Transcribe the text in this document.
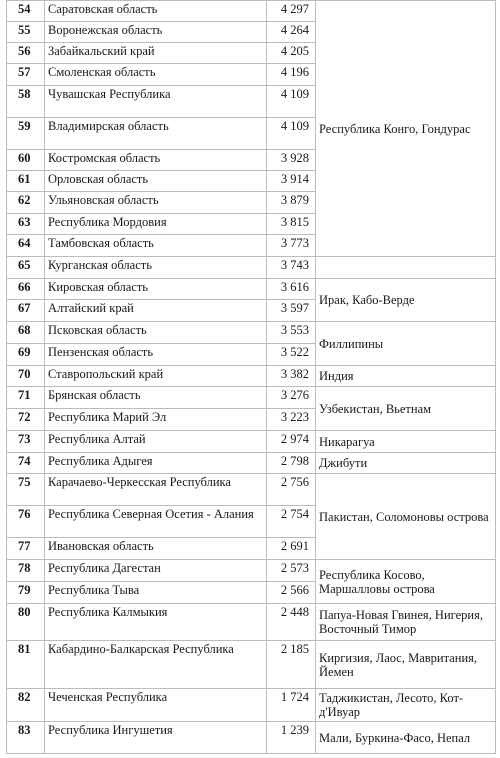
54	Саратовская область	4 297	Республика Конго, Гондурас
55	Воронежская область	4 264	
56	Забайкальский край	4 205	
57	Смоленская область	4 196	
58	Чувашская Республика	4 109	
59	Владимирская область	4 109	
60	Костромская область	3 928	
61	Орловская область	3 914	
62	Ульяновская область	3 879	
63	Республика Мордовия	3 815	
64	Тамбовская область	3 773	
65	Курганская область	3 743	
66	Кировская область	3 616	Ирак, Кабо-Верде
67	Алтайский край	3 597	
68	Псковская область	3 553	Филлипины
69	Пензенская область	3 522	
70	Ставропольский край	3 382	Индия
71	Брянская область	3 276	Узбекистан, Вьетнам
72	Республика Марий Эл	3 223	
73	Республика Алтай	2 974	Никарагуа
74	Республика Адыгея	2 798	Джибути
75	Карачаево-Черкесская Республика	2 756	Пакистан, Соломоновы острова
76	Республика Северная Осетия - Алания	2 754	
77	Ивановская область	2 691	
78	Республика Дагестан	2 573	Республика Косово, Маршалловы острова
79	Республика Тыва	2 566	
80	Республика Калмыкия	2 448	Папуа-Новая Гвинея, Нигерия, Восточный Тимор
81	Кабардино-Балкарская Республика	2 185	Киргизия, Лаос, Мавритания, Йемен
82	Чеченская Республика	1 724	Таджикистан, Лесото, Кот-д'Ивуар
83	Республика Ингушетия	1 239	Мали, Буркина-Фасо, Непал
